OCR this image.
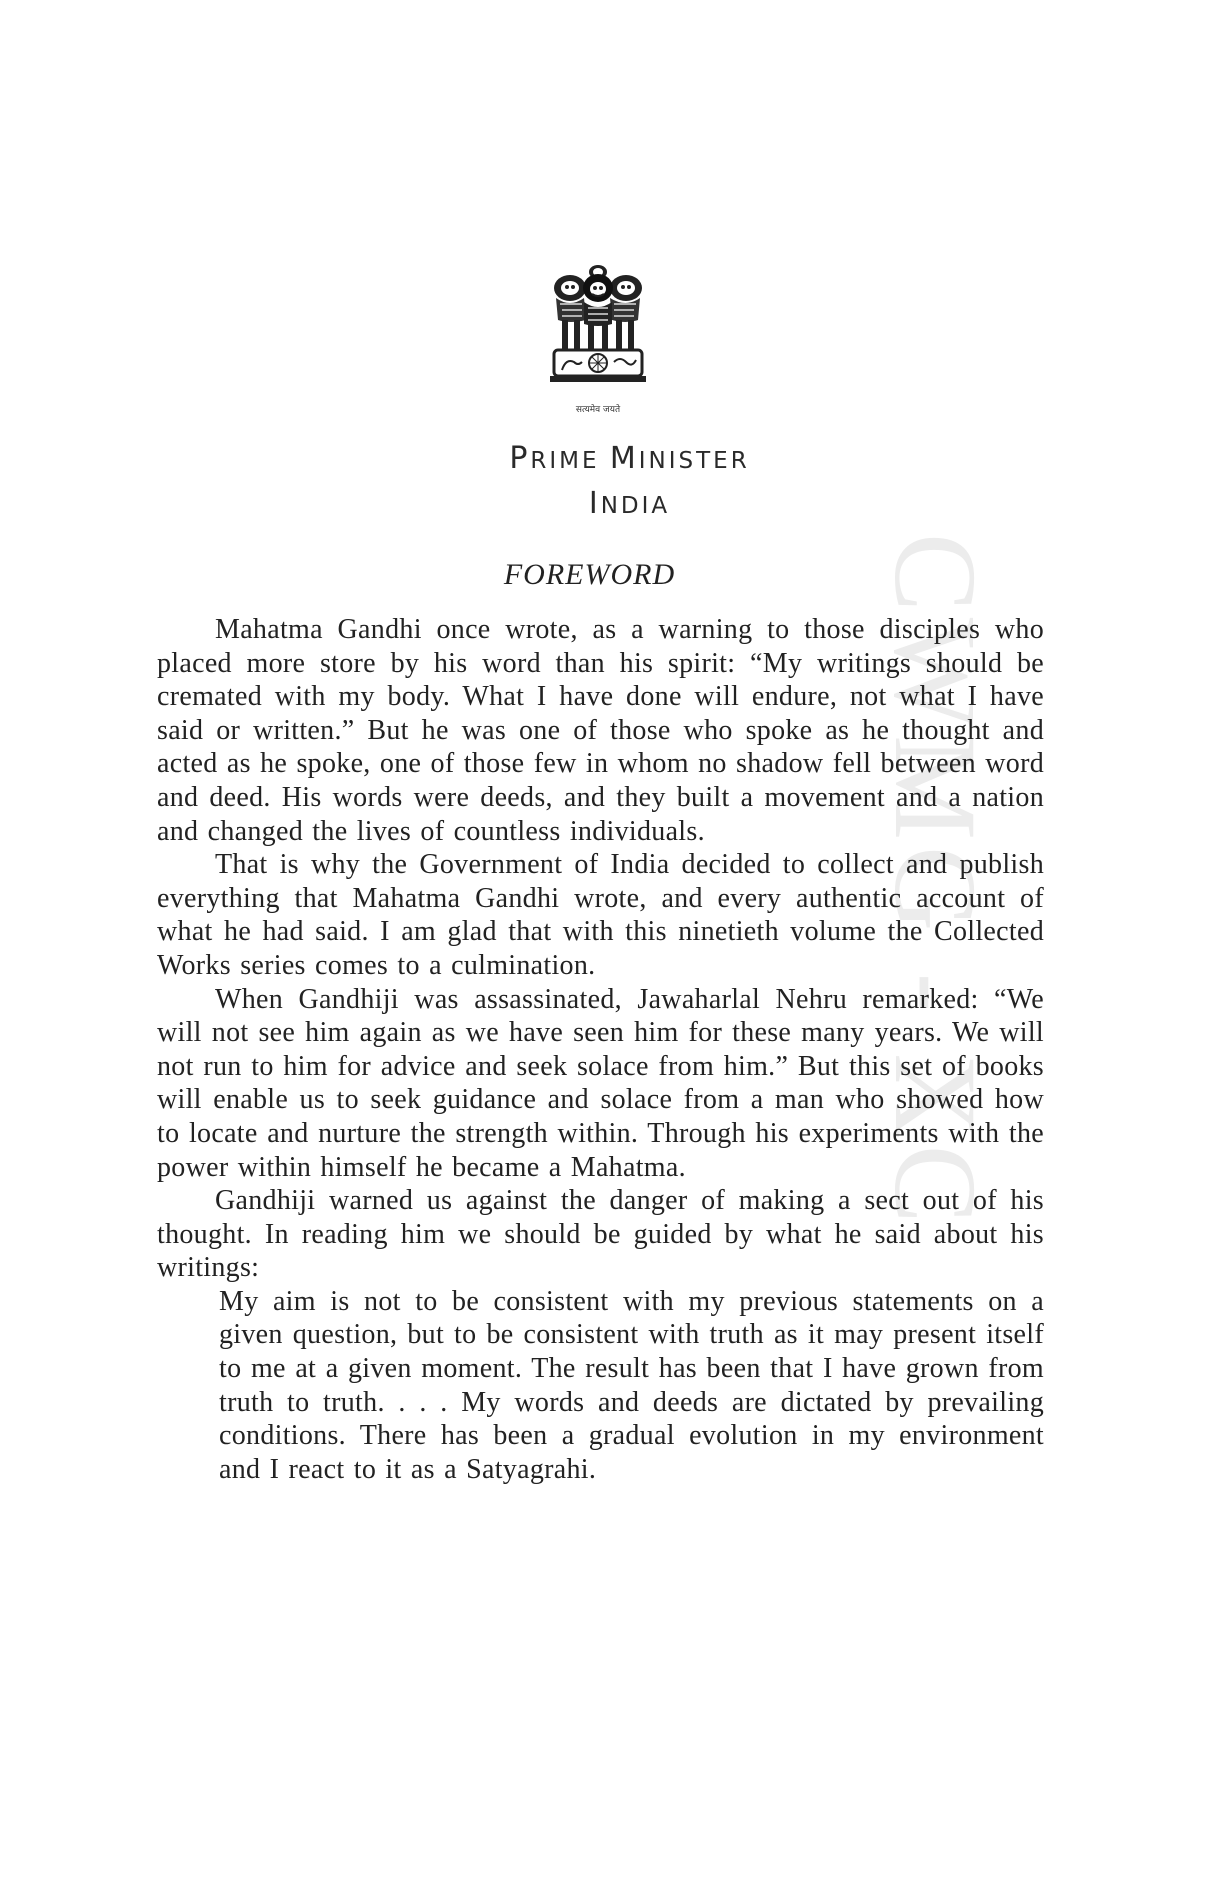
CWMG - XC
सत्यमेव जयते
PRIME MINISTER
INDIA
FOREWORD

Mahatma Gandhi once wrote, as a warning to those disciples who placed more store by his word than his spirit: “My writings should be cremated with my body. What I have done will endure, not what I have said or written.” But he was one of those who spoke as he thought and acted as he spoke, one of those few in whom no shadow fell between word and deed. His words were deeds, and they built a movement and a nation and changed the lives of countless individuals.

That is why the Government of India decided to collect and publish everything that Mahatma Gandhi wrote, and every authentic account of what he had said. I am glad that with this ninetieth volume the Collected Works series comes to a culmination.

When Gandhiji was assassinated, Jawaharlal Nehru remarked: “We will not see him again as we have seen him for these many years. We will not run to him for advice and seek solace from him.” But this set of books will enable us to seek guidance and solace from a man who showed how to locate and nurture the strength within. Through his experiments with the power within himself he became a Mahatma.

Gandhiji warned us against the danger of making a sect out of his thought. In reading him we should be guided by what he said about his writings:

My aim is not to be consistent with my previous statements on a given question, but to be consistent with truth as it may present itself to me at a given moment. The result has been that I have grown from truth to truth. . . . My words and deeds are dictated by prevailing conditions. There has been a gradual evolution in my environment and I react to it as a Satyagrahi.
